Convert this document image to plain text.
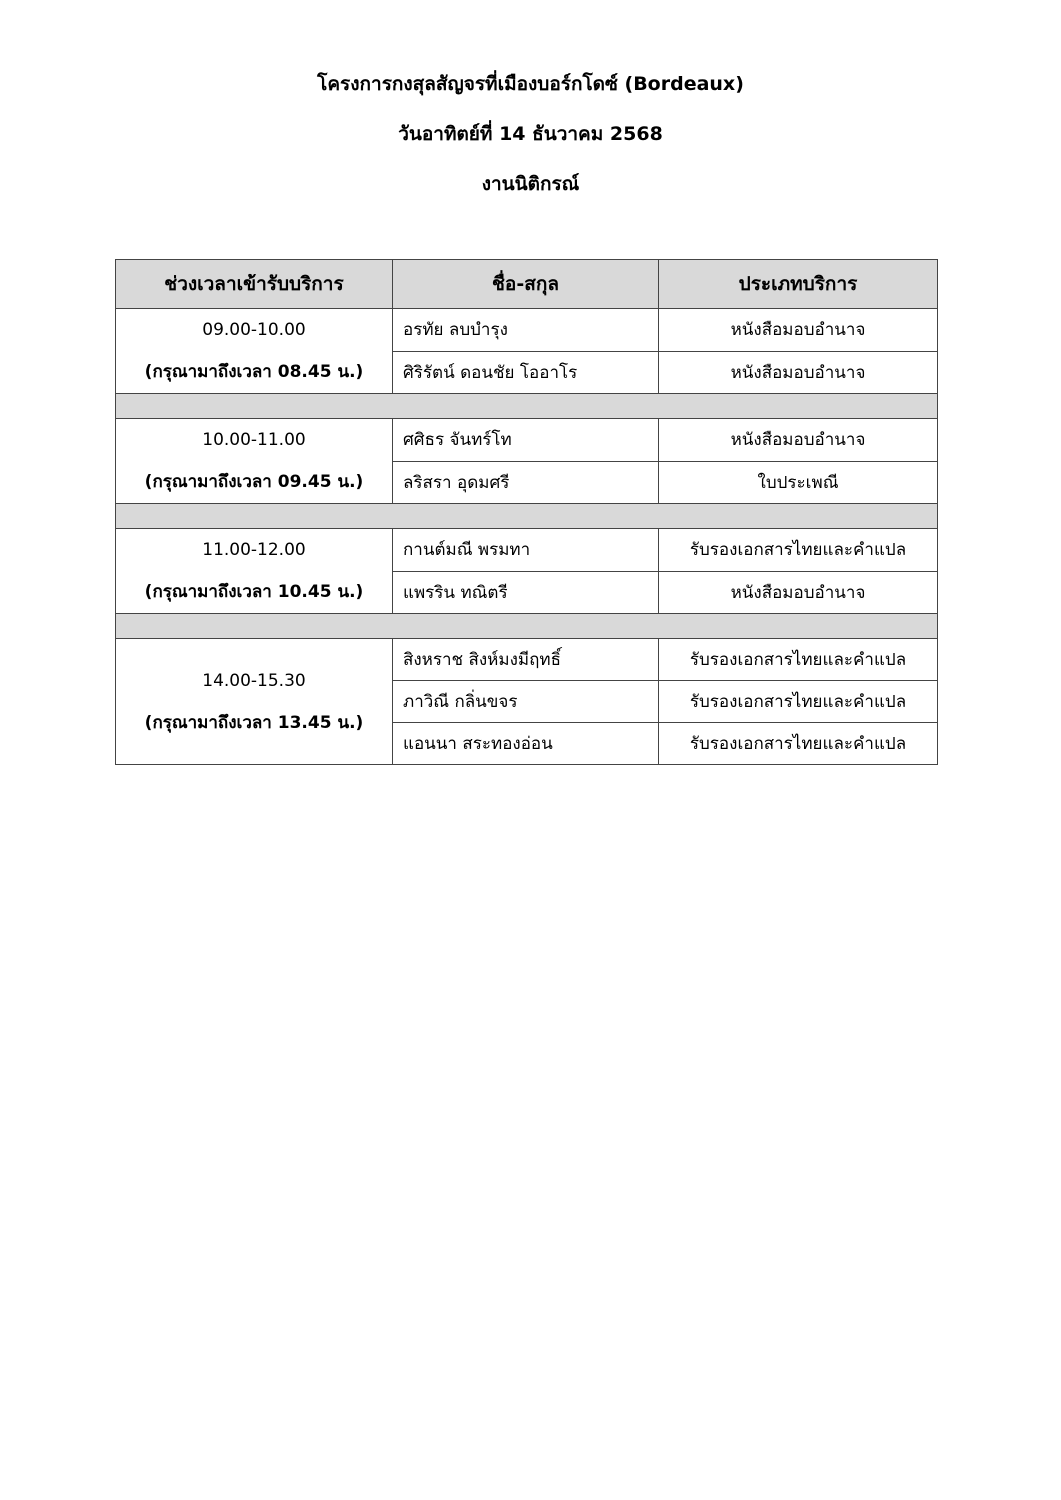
โครงการกงสุลสัญจรที่เมืองบอร์กโดซ์ (Bordeaux)
วันอาทิตย์ที่ 14 ธันวาคม 2568
งานนิติกรณ์
ช่วงเวลาเข้ารับบริการ	ชื่อ-สกุล	ประเภทบริการ

09.00-10.00
(กรุณามาถึงเวลา 08.45 น.)	อรทัย ลบบำรุง	หนังสือมอบอำนาจ
	ศิริรัตน์ ดอนชัย โออาโร	หนังสือมอบอำนาจ

10.00-11.00
(กรุณามาถึงเวลา 09.45 น.)	ศศิธร จันทร์โท	หนังสือมอบอำนาจ
	ลริสรา อุดมศรี	ใบประเพณี

11.00-12.00
(กรุณามาถึงเวลา 10.45 น.)	กานต์มณี พรมทา	รับรองเอกสารไทยและคำแปล
	แพรริน ทณิตรี	หนังสือมอบอำนาจ

14.00-15.30
(กรุณามาถึงเวลา 13.45 น.)	สิงหราช สิงห์มงมีฤทธิ์	รับรองเอกสารไทยและคำแปล
	ภาวิณี กลิ่นขจร	รับรองเอกสารไทยและคำแปล
	แอนนา สระทองอ่อน	รับรองเอกสารไทยและคำแปล
